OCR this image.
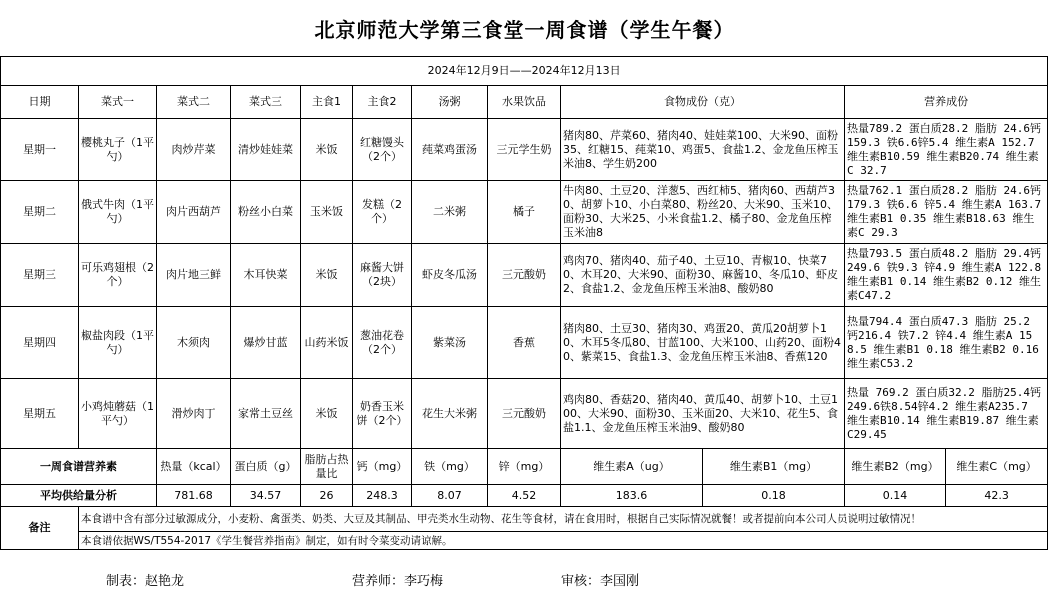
北京师范大学第三食堂一周食谱（学生午餐）
2024年12月9日——2024年12月13日											
日期	菜式一	菜式二	菜式三	主食1	主食2	汤粥	水果饮品	食物成份（克）		营养成份	
星期一	樱桃丸子（1平勺）	肉炒芹菜	清炒娃娃菜	米饭	红糖馒头（2个）	莼菜鸡蛋汤	三元学生奶	猪肉80、芹菜60、猪肉40、娃娃菜100、大米90、面粉35、红糖15、莼菜10、鸡蛋5、食盐1.2、金龙鱼压榨玉米油8、学生奶200		热量789.2 蛋白质28.2 脂肪 24.6钙159.3 铁6.6锌5.4 维生素A 152.7 维生素B10.59 维生素B20.74 维生素C 32.7	
星期二	俄式牛肉（1平勺）	肉片西葫芦	粉丝小白菜	玉米饭	发糕（2个）	二米粥	橘子	牛肉80、土豆20、洋葱5、西红柿5、猪肉60、西葫芦30、胡萝卜10、小白菜80、粉丝20、大米90、玉米10、面粉30、大米25、小米食盐1.2、橘子80、金龙鱼压榨玉米油8		热量762.1 蛋白质28.2 脂肪 24.6钙179.3 铁6.6 锌5.4 维生素A 163.7 维生素B1 0.35 维生素B18.63 维生素C 29.3	
星期三	可乐鸡翅根（2个）	肉片地三鲜	木耳快菜	米饭	麻酱大饼（2块）	虾皮冬瓜汤	三元酸奶	鸡肉70、猪肉40、茄子40、土豆10、青椒10、快菜70、木耳20、大米90、面粉30、麻酱10、冬瓜10、虾皮2、食盐1.2、金龙鱼压榨玉米油8、酸奶80		热量793.5 蛋白质48.2 脂肪 29.4钙 249.6 铁9.3 锌4.9 维生素A 122.8 维生素B1 0.14 维生素B2 0.12 维生素C47.2	
星期四	椒盐肉段（1平勺）	木须肉	爆炒甘蓝	山药米饭	葱油花卷（2个）	紫菜汤	香蕉	猪肉80、土豆30、猪肉30、鸡蛋20、黄瓜20胡萝卜10、木耳5冬瓜80、甘蓝100、大米100、山药20、面粉40、紫菜15、食盐1.3、金龙鱼压榨玉米油8、香蕉120		热量794.4 蛋白质47.3 脂肪 25.2 钙216.4 铁7.2 锌4.4 维生素A 158.5 维生素B1 0.18 维生素B2 0.16 维生素C53.2	
星期五	小鸡炖蘑菇（1平勺）	滑炒肉丁	家常土豆丝	米饭	奶香玉米饼（2个）	花生大米粥	三元酸奶	鸡肉80、香菇20、猪肉40、黄瓜40、胡萝卜10、土豆100、大米90、面粉30、玉米面20、大米10、花生5、食盐1.1、金龙鱼压榨玉米油9、酸奶80		热量 769.2 蛋白质32.2 脂肪25.4钙249.6铁8.54锌4.2 维生素A235.7 维生素B10.14 维生素B19.87 维生素C29.45	
一周食谱营养素		热量（kcal）	蛋白质（g）	脂肪占热量比	钙（mg）	铁（mg）	锌（mg）	维生素A（ug）	维生素B1（mg）	维生素B2（mg）	维生素C（mg）
平均供给量分析		781.68	34.57	26	248.3	8.07	4.52	183.6	0.18	0.14	42.3
备注	本食谱中含有部分过敏源成分，小麦粉、禽蛋类、奶类、大豆及其制品、甲壳类水生动物、花生等食材，请在食用时，根据自己实际情况就餐！或者提前向本公司人员说明过敏情况！										
	本食谱依据WS/T554-2017《学生餐营养指南》制定，如有时令菜变动请谅解。										
制表：赵艳龙	营养师：李巧梅	审核：李国刚
